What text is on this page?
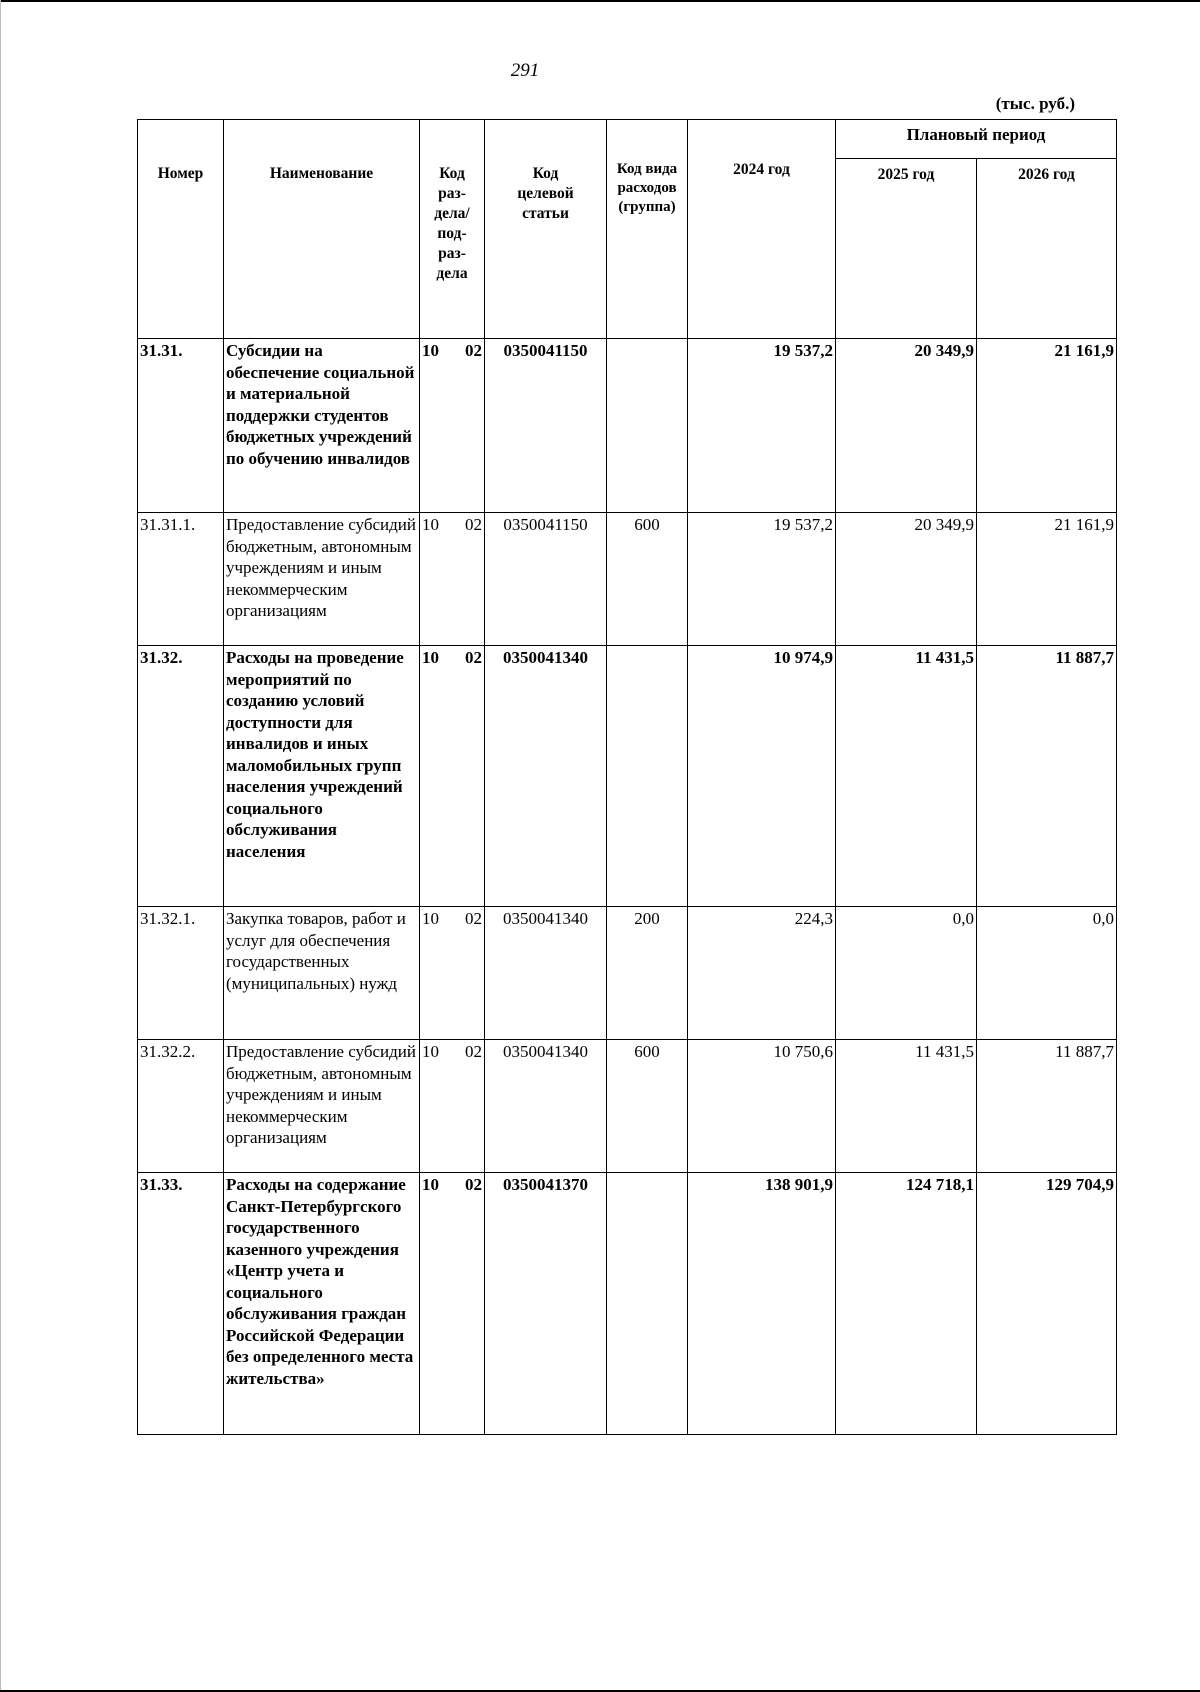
291
(тыс. руб.)
Номер	Наименование	Код раз-дела/ под-раз-дела	Код целевой статьи	Код вида расходов (группа)	2024 год	Плановый период	
						2025 год	2026 год
31.31.	Субсидии на обеспечение социальной и материальной поддержки студентов бюджетных учреждений по обучению инвалидов	10 02	0350041150		19 537,2	20 349,9	21 161,9
31.31.1.	Предоставление субсидий бюджетным, автономным учреждениям и иным некоммерческим организациям	10 02	0350041150	600	19 537,2	20 349,9	21 161,9
31.32.	Расходы на проведение мероприятий по созданию условий доступности для инвалидов и иных маломобильных групп населения учреждений социального обслуживания населения	10 02	0350041340		10 974,9	11 431,5	11 887,7
31.32.1.	Закупка товаров, работ и услуг для обеспечения государственных (муниципальных) нужд	10 02	0350041340	200	224,3	0,0	0,0
31.32.2.	Предоставление субсидий бюджетным, автономным учреждениям и иным некоммерческим организациям	10 02	0350041340	600	10 750,6	11 431,5	11 887,7
31.33.	Расходы на содержание Санкт-Петербургского государственного казенного учреждения «Центр учета и социального обслуживания граждан Российской Федерации без определенного места жительства»	10 02	0350041370		138 901,9	124 718,1	129 704,9
